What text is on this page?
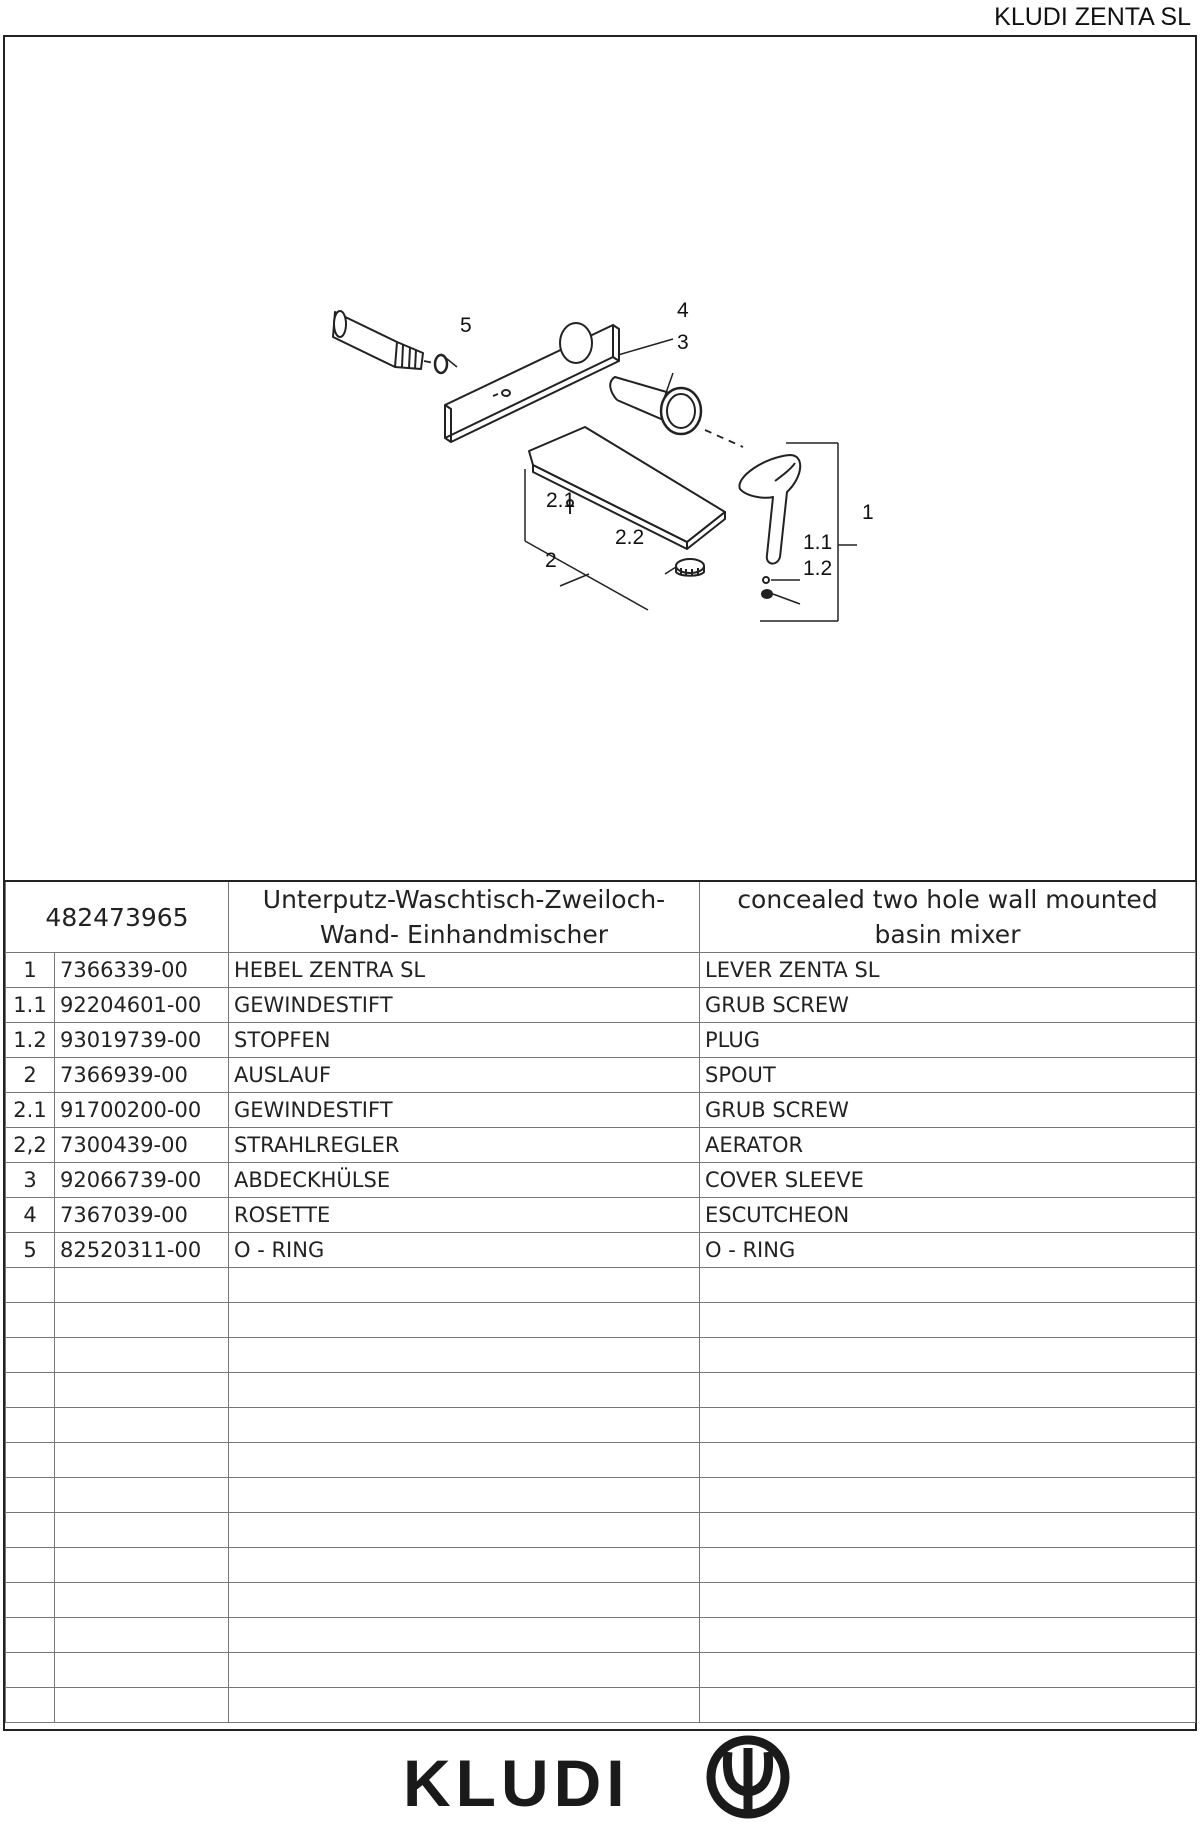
KLUDI ZENTA SL
5
4
3
2.1
2.2
2
1
1.1
1.2
482473965		Unterputz-Waschtisch-Zweiloch-Wand- Einhandmischer	concealed two hole wall mounted basin mixer
1	7366339-00	HEBEL ZENTRA SL	LEVER ZENTA SL
1.1	92204601-00	GEWINDESTIFT	GRUB SCREW
1.2	93019739-00	STOPFEN	PLUG
2	7366939-00	AUSLAUF	SPOUT
2.1	91700200-00	GEWINDESTIFT	GRUB SCREW
2,2	7300439-00	STRAHLREGLER	AERATOR
3	92066739-00	ABDECKHÜLSE	COVER SLEEVE
4	7367039-00	ROSETTE	ESCUTCHEON
5	82520311-00	O - RING	O - RING

KLUDI
